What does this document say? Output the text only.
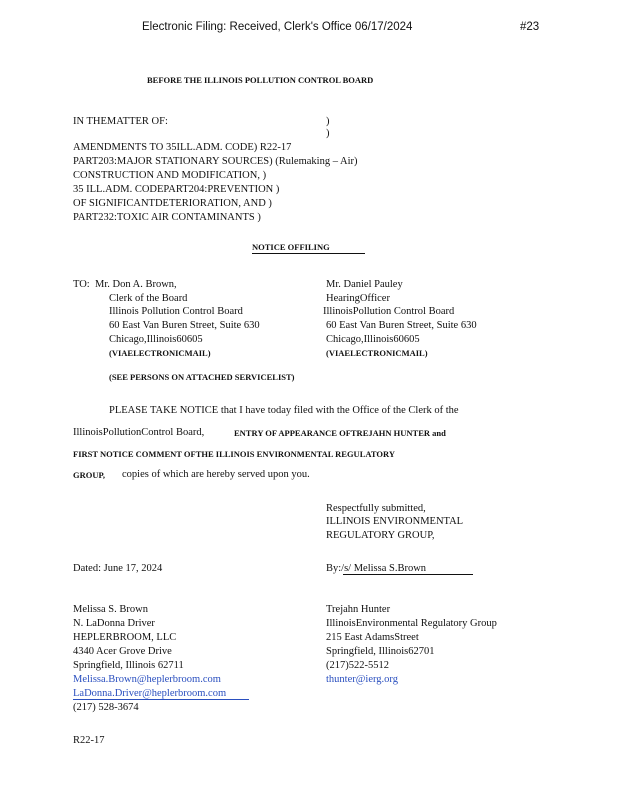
Electronic Filing: Received, Clerk's Office 06/17/2024	#23
BEFORE THE ILLINOIS POLLUTION CONTROL BOARD
IN THEMATTER OF:	)
)
AMENDMENTS TO 35ILL.ADM. CODE) R22-17
PART203:MAJOR STATIONARY SOURCES) (Rulemaking – Air)
CONSTRUCTION AND MODIFICATION, )
35 ILL.ADM. CODEPART204:PREVENTION )
OF SIGNIFICANTDETERIORATION, AND )
PART232:TOXIC AIR CONTAMINANTS )
NOTICE OFFILING
TO: Mr. Don A. Brown,
Clerk of the Board
Illinois Pollution Control Board
60 East Van Buren Street, Suite 630
Chicago,Illinois60605
(VIAELECTRONICMAIL)
Mr. Daniel Pauley
HearingOfficer
IllinoisPollution Control Board
60 East Van Buren Street, Suite 630
Chicago,Illinois60605
(VIAELECTRONICMAIL)
(SEE PERSONS ON ATTACHED SERVICELIST)
PLEASE TAKE NOTICE that I have today filed with the Office of the Clerk of the
IllinoisPollutionControl Board,	ENTRY OF APPEARANCE OFTREJAHN HUNTER and
FIRST NOTICE COMMENT OFTHE ILLINOIS ENVIRONMENTAL REGULATORY
GROUP, copies of which are hereby served upon you.
Respectfully submitted,
ILLINOIS ENVIRONMENTAL
REGULATORY GROUP,
Dated: June 17, 2024	By:/s/ Melissa S.Brown
Melissa S. Brown
N. LaDonna Driver
HEPLERBROOM, LLC
4340 Acer Grove Drive
Springfield, Illinois 62711
Melissa.Brown@heplerbroom.com
LaDonna.Driver@heplerbroom.com
(217) 528-3674
Trejahn Hunter
IllinoisEnvironmental Regulatory Group
215 East AdamsStreet
Springfield, Illinois62701
(217)522-5512
thunter@ierg.org
R22-17
